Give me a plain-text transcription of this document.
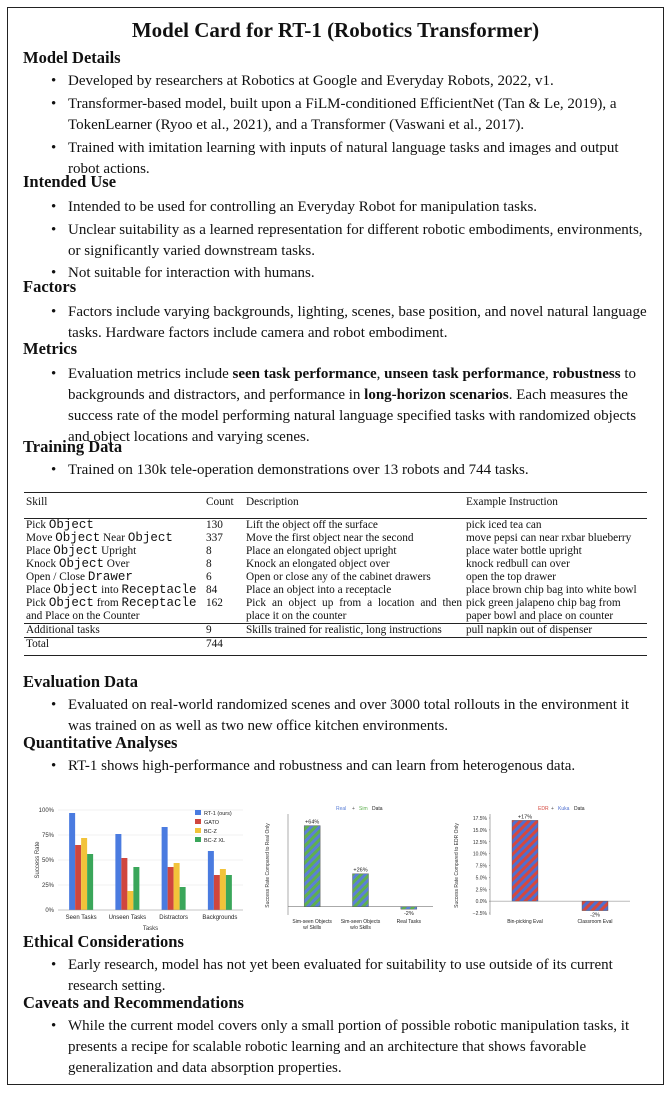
Model Card for RT-1 (Robotics Transformer)
Model Details
• Developed by researchers at Robotics at Google and Everyday Robots, 2022, v1.
• Transformer-based model, built upon a FiLM-conditioned EfficientNet (Tan & Le, 2019), a TokenLearner (Ryoo et al., 2021), and a Transformer (Vaswani et al., 2017).
• Trained with imitation learning with inputs of natural language tasks and images and output robot actions.
Intended Use
• Intended to be used for controlling an Everyday Robot for manipulation tasks.
• Unclear suitability as a learned representation for different robotic embodiments, environments, or significantly varied downstream tasks.
• Not suitable for interaction with humans.
Factors
• Factors include varying backgrounds, lighting, scenes, base position, and novel natural language tasks. Hardware factors include camera and robot embodiment.
Metrics
• Evaluation metrics include seen task performance, unseen task performance, robustness to backgrounds and distractors, and performance in long-horizon scenarios. Each measures the success rate of the model performing natural language specified tasks with randomized objects and object locations and varying scenes.
Training Data
• Trained on 130k tele-operation demonstrations over 13 robots and 744 tasks.
Skill	Count	Description	Example Instruction
Pick Object	130	Lift the object off the surface	pick iced tea can
Move Object Near Object	337	Move the first object near the second	move pepsi can near rxbar blueberry
Place Object Upright	8	Place an elongated object upright	place water bottle upright
Knock Object Over	8	Knock an elongated object over	knock redbull can over
Open / Close Drawer	6	Open or close any of the cabinet drawers	open the top drawer
Place Object into Receptacle	84	Place an object into a receptacle	place brown chip bag into white bowl
Pick Object from Receptacle and Place on the Counter	162	Pick an object up from a location and then place it on the counter	pick green jalapeno chip bag from paper bowl and place on counter
Additional tasks	9	Skills trained for realistic, long instructions	pull napkin out of dispenser
Total	744		
Evaluation Data
• Evaluated on real-world randomized scenes and over 3000 total rollouts in the environment it was trained on as well as two new office kitchen environments.
Quantitative Analyses
• RT-1 shows high-performance and robustness and can learn from heterogenous data.
0%
25%
50%
75%
100%
Success Rate
Seen Tasks Unseen Tasks Distractors Backgrounds
Tasks
RT-1 (ours)
GATO
BC-Z
BC-Z XL	Success Rate Compared to Real Only
+64%
Sim-seen Objects
w/ Skills
+26%
Sim-seen Objects
w/o Skills
-2%
Real Tasks
Real + Sim Data
17.5%
15.0%
12.5%
10.0%
7.5%
5.0%
2.5%
0.0%
−2.5%
Success Rate Compared to EDR Only
+17%
Bin-picking Eval
-2%
Classroom Eval
EDR + Kuka Data
Ethical Considerations
• Early research, model has not yet been evaluated for suitability to use outside of its current research setting.
Caveats and Recommendations
• While the current model covers only a small portion of possible robotic manipulation tasks, it presents a recipe for scalable robotic learning and an architecture that shows favorable generalization and data absorption properties.
